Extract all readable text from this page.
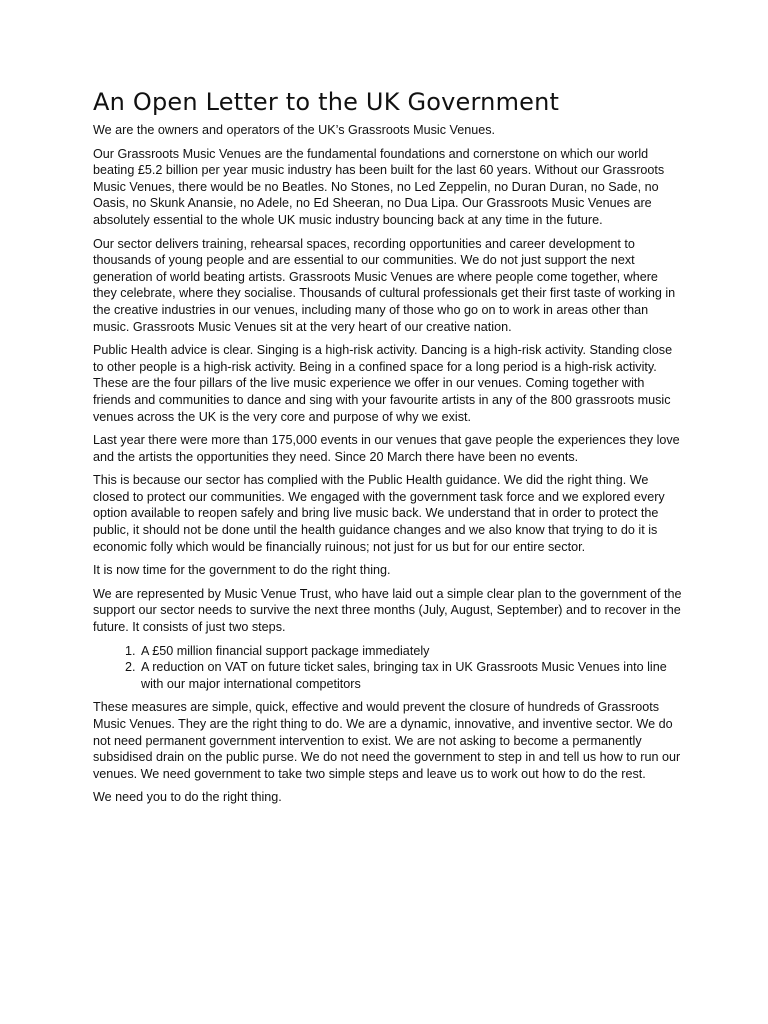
An Open Letter to the UK Government

We are the owners and operators of the UK’s Grassroots Music Venues.

Our Grassroots Music Venues are the fundamental foundations and cornerstone on which our world beating £5.2 billion per year music industry has been built for the last 60 years. Without our Grassroots Music Venues, there would be no Beatles. No Stones, no Led Zeppelin, no Duran Duran, no Sade, no Oasis, no Skunk Anansie, no Adele, no Ed Sheeran, no Dua Lipa. Our Grassroots Music Venues are absolutely essential to the whole UK music industry bouncing back at any time in the future.

Our sector delivers training, rehearsal spaces, recording opportunities and career development to thousands of young people and are essential to our communities. We do not just support the next generation of world beating artists. Grassroots Music Venues are where people come together, where they celebrate, where they socialise. Thousands of cultural professionals get their first taste of working in the creative industries in our venues, including many of those who go on to work in areas other than music. Grassroots Music Venues sit at the very heart of our creative nation.

Public Health advice is clear. Singing is a high-risk activity. Dancing is a high-risk activity. Standing close to other people is a high-risk activity. Being in a confined space for a long period is a high-risk activity. These are the four pillars of the live music experience we offer in our venues. Coming together with friends and communities to dance and sing with your favourite artists in any of the 800 grassroots music venues across the UK is the very core and purpose of why we exist.

Last year there were more than 175,000 events in our venues that gave people the experiences they love and the artists the opportunities they need. Since 20 March there have been no events.

This is because our sector has complied with the Public Health guidance. We did the right thing. We closed to protect our communities. We engaged with the government task force and we explored every option available to reopen safely and bring live music back. We understand that in order to protect the public, it should not be done until the health guidance changes and we also know that trying to do it is economic folly which would be financially ruinous; not just for us but for our entire sector.

It is now time for the government to do the right thing.

We are represented by Music Venue Trust, who have laid out a simple clear plan to the government of the support our sector needs to survive the next three months (July, August, September) and to recover in the future. It consists of just two steps.

1. A £50 million financial support package immediately
2. A reduction on VAT on future ticket sales, bringing tax in UK Grassroots Music Venues into line with our major international competitors

These measures are simple, quick, effective and would prevent the closure of hundreds of Grassroots Music Venues. They are the right thing to do. We are a dynamic, innovative, and inventive sector. We do not need permanent government intervention to exist. We are not asking to become a permanently subsidised drain on the public purse. We do not need the government to step in and tell us how to run our venues. We need government to take two simple steps and leave us to work out how to do the rest.

We need you to do the right thing.
